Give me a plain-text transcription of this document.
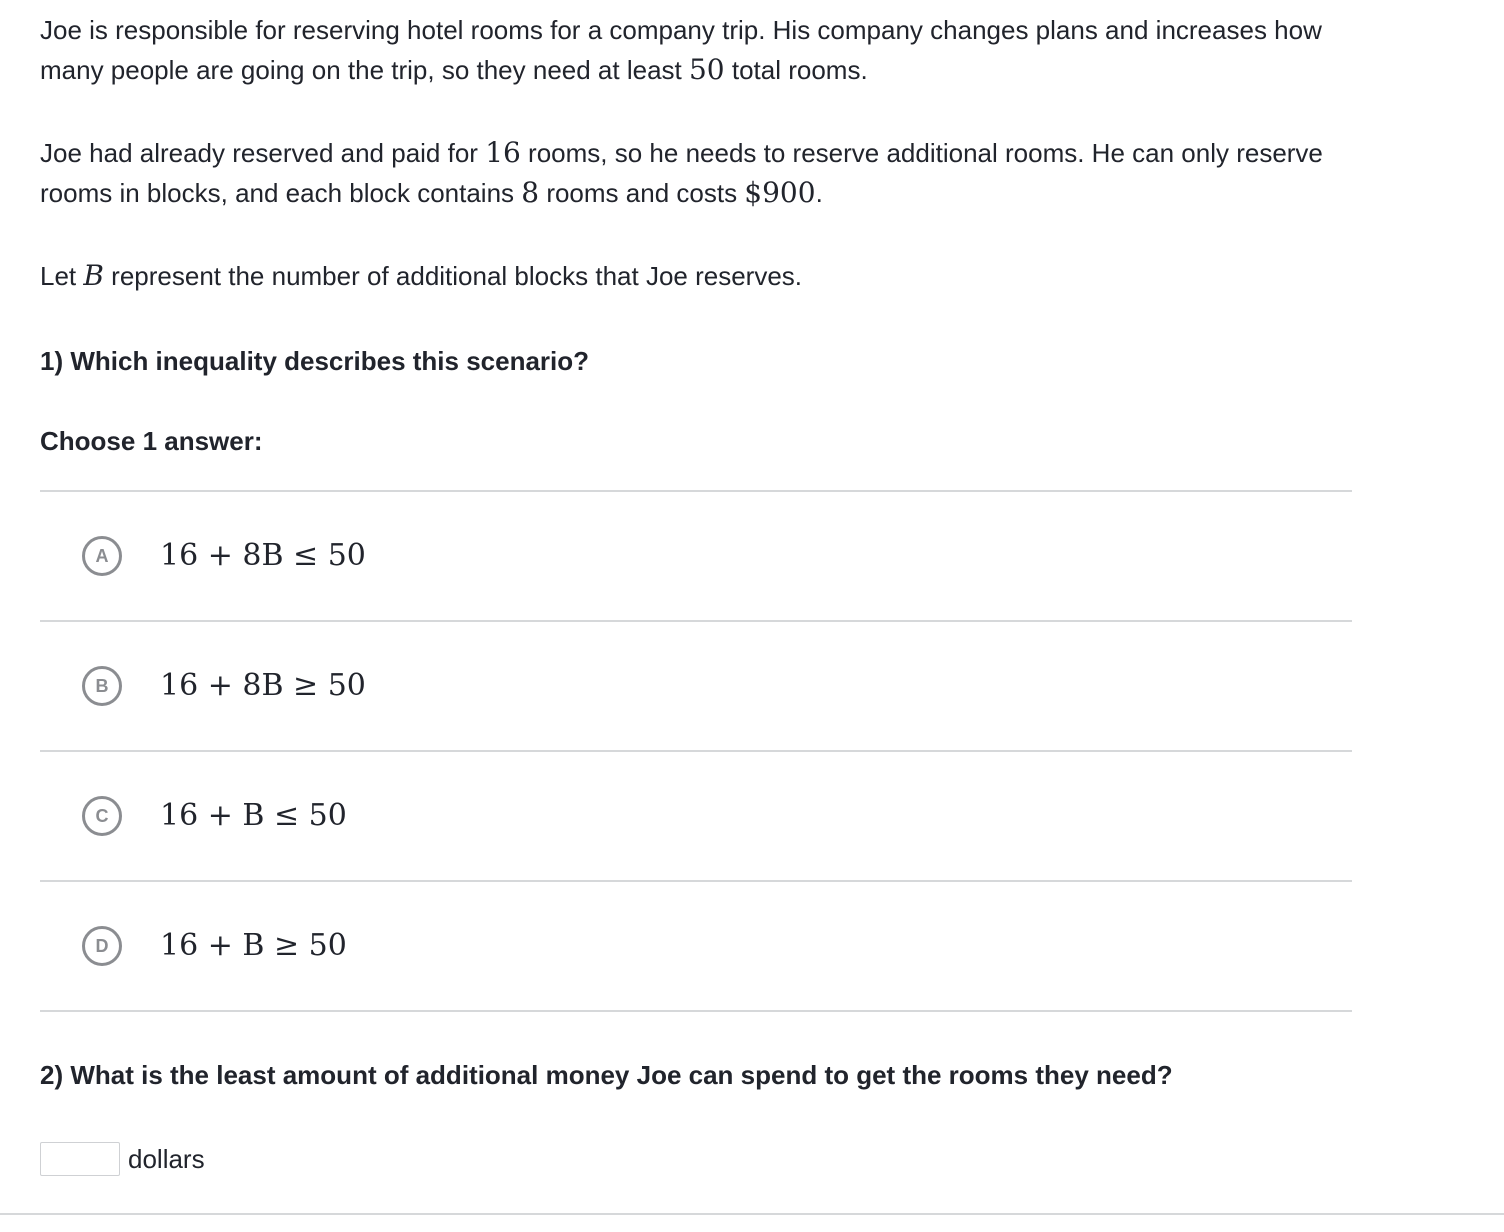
Joe is responsible for reserving hotel rooms for a company trip. His company changes plans and increases how many people are going on the trip, so they need at least 50 total rooms.

Joe had already reserved and paid for 16 rooms, so he needs to reserve additional rooms. He can only reserve rooms in blocks, and each block contains 8 rooms and costs $900.

Let B represent the number of additional blocks that Joe reserves.

1) Which inequality describes this scenario?

Choose 1 answer:

A	16 + 8B ≤ 50
B	16 + 8B ≥ 50
C	16 + B ≤ 50
D	16 + B ≥ 50

2) What is the least amount of additional money Joe can spend to get the rooms they need?

dollars
